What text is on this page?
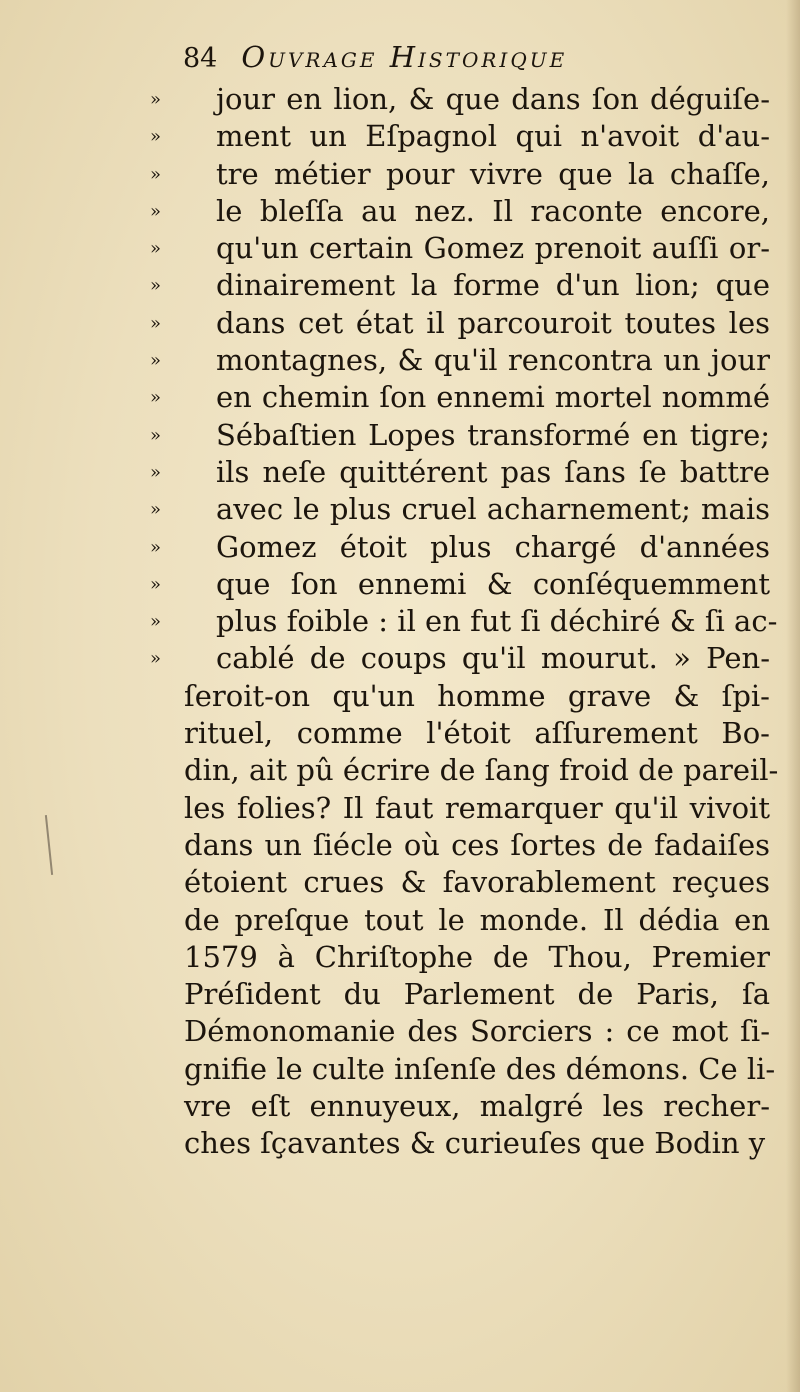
84 Ouvrage Historique
»	jour en lion, & que dans ſon déguiſe-
»	ment un Eſpagnol qui n'avoit d'au-
»	tre métier pour vivre que la chaſſe,
»	le bleſſa au nez. Il raconte encore,
»	qu'un certain Gomez prenoit auſſi or-
»	dinairement la forme d'un lion; que
»	dans cet état il parcouroit toutes les
»	montagnes, & qu'il rencontra un jour
»	en chemin ſon ennemi mortel nommé
»	Sébaſtien Lopes transformé en tigre;
»	ils neſe quittérent pas ſans ſe battre
»	avec le plus cruel acharnement; mais
»	Gomez étoit plus chargé d'années
»	que ſon ennemi & conſéquemment
»	plus foible : il en fut ſi déchiré & ſi ac-
»	cablé de coups qu'il mourut. » Pen-
ſeroit-on qu'un homme grave & ſpi-
rituel, comme l'étoit aſſurement Bo-
din, ait pû écrire de ſang froid de pareil-
les folies? Il faut remarquer qu'il vivoit
dans un ſiécle où ces ſortes de fadaiſes
étoient crues & favorablement reçues
de preſque tout le monde. Il dédia en
1579 à Chriſtophe de Thou, Premier
Préſident du Parlement de Paris, ſa
Démonomanie des Sorciers : ce mot ſi-
gnifie le culte inſenſe des démons. Ce li-
vre eſt ennuyeux, malgré les recher-
ches ſçavantes & curieuſes que Bodin y
